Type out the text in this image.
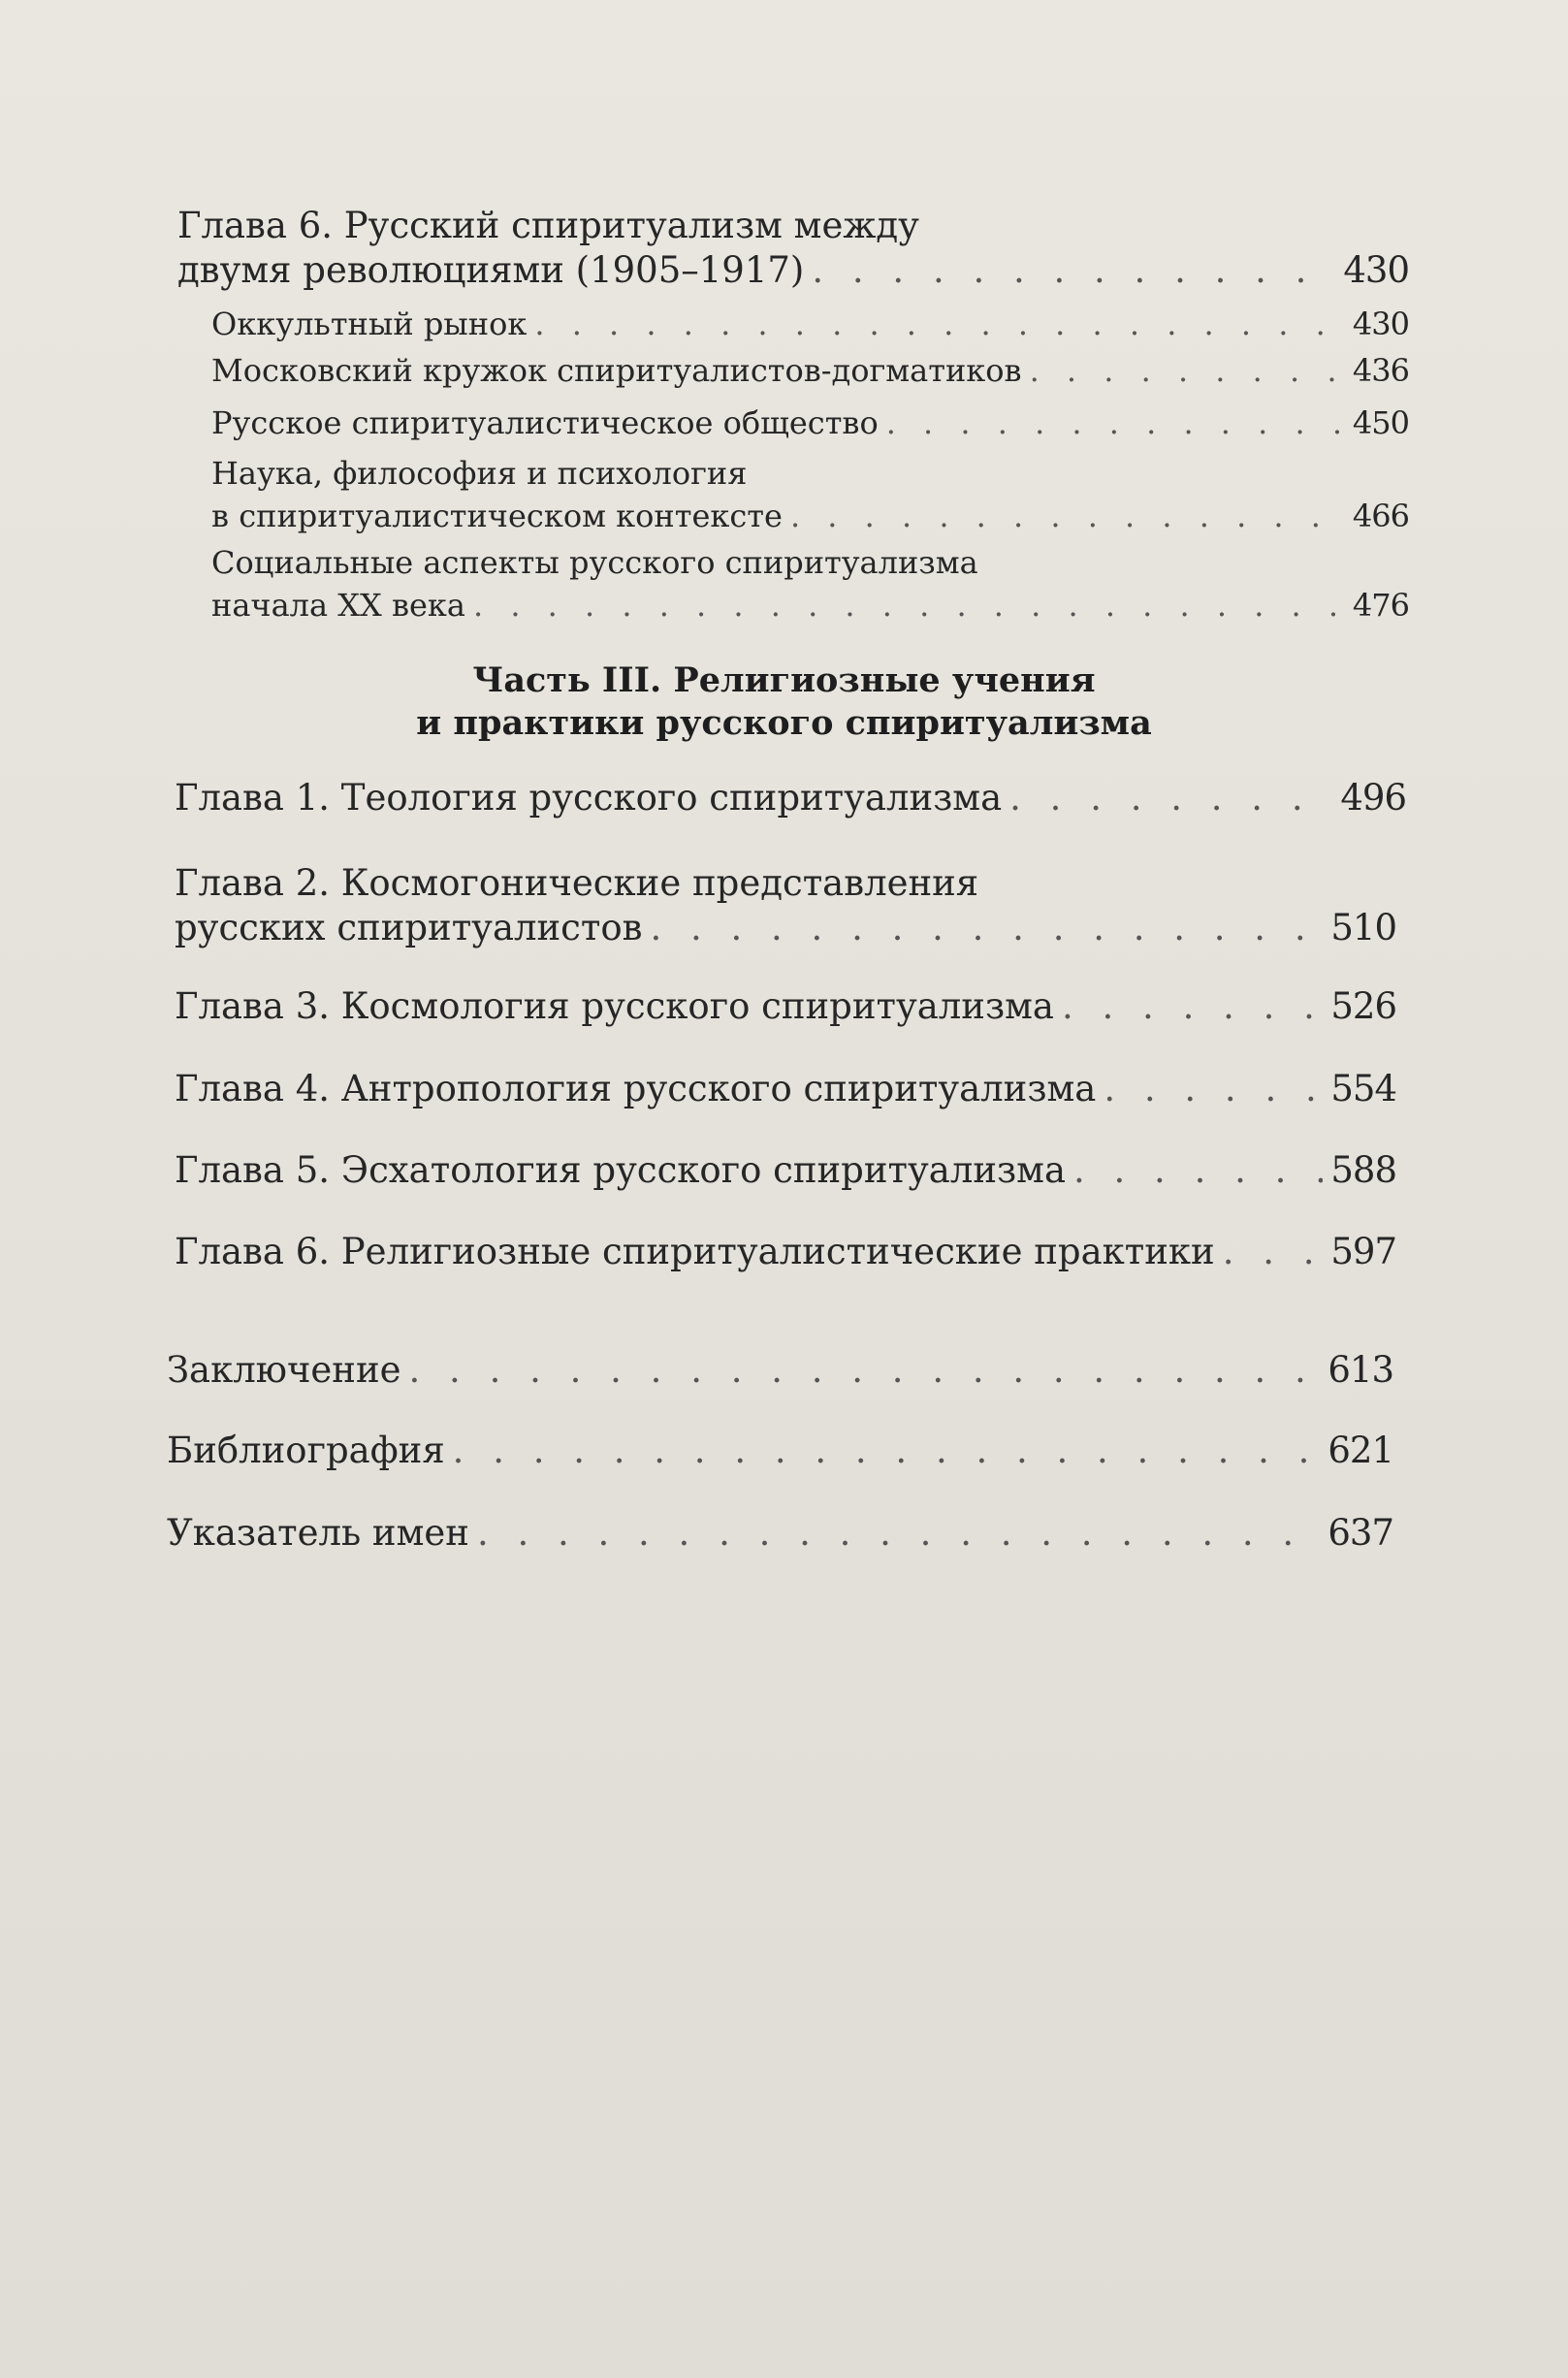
Глава 6. Русский спиритуализм между
двумя революциями (1905–1917) . . .	430
Оккультный рынок . . .	430
Московский кружок спиритуалистов-догматиков . . .	436
Русское спиритуалистическое общество . . .	450
Наука, философия и психология
в спиритуалистическом контексте . . .	466
Социальные аспекты русского спиритуализма
начала XX века . . .	476
Часть III. Религиозные учения
и практики русского спиритуализма
Глава 1. Теология русского спиритуализма . . .	496
Глава 2. Космогонические представления
русских спиритуалистов . . .	510
Глава 3. Космология русского спиритуализма . . .	526
Глава 4. Антропология русского спиритуализма . . .	554
Глава 5. Эсхатология русского спиритуализма . . .	588
Глава 6. Религиозные спиритуалистические практики . . .	597
Заключение . . .	613
Библиография . . .	621
Указатель имен . . .	637
